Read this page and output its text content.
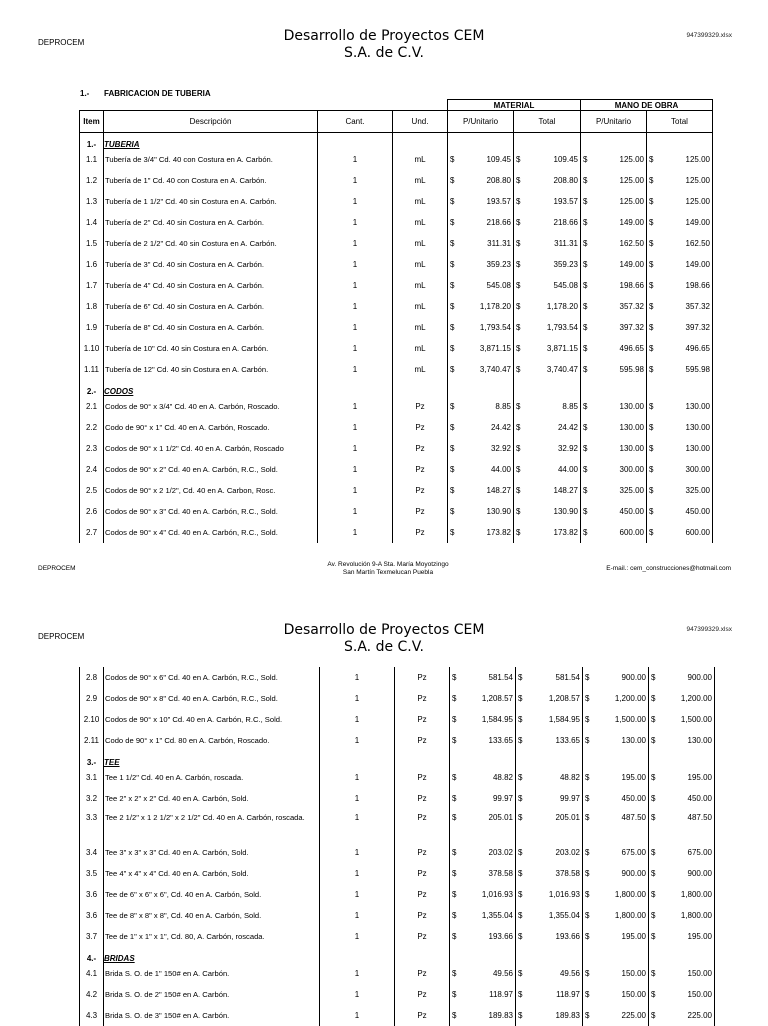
DEPROCEM	Desarrollo de Proyectos CEM
S.A. de C.V.
947399329.xlsx
1.- FABRICACION DE TUBERIA
				MATERIAL		MANO DE OBRA	
Item	Descripción	Cant.	Und.	P/Unitario	Total	P/Unitario	Total
1.-	TUBERIA						
1.1	Tubería de 3/4" Cd. 40 con Costura en A. Carbón.	1	mL	$ 109.45	$ 109.45	$ 125.00	$ 125.00

1.2	Tubería de 1" Cd. 40 con Costura en A. Carbón.	1	mL	$ 208.80	$ 208.80	$ 125.00	$ 125.00

1.3	Tubería de 1 1/2" Cd. 40 sin Costura en A. Carbón.	1	mL	$ 193.57	$ 193.57	$ 125.00	$ 125.00

1.4	Tubería de 2" Cd. 40 sin Costura en A. Carbón.	1	mL	$ 218.66	$ 218.66	$ 149.00	$ 149.00

1.5	Tubería de 2 1/2" Cd. 40 sin Costura en A. Carbón.	1	mL	$ 311.31	$ 311.31	$ 162.50	$ 162.50

1.6	Tubería de 3" Cd. 40 sin Costura en A. Carbón.	1	mL	$ 359.23	$ 359.23	$ 149.00	$ 149.00

1.7	Tubería de 4" Cd. 40 sin Costura en A. Carbón.	1	mL	$ 545.08	$ 545.08	$ 198.66	$ 198.66

1.8	Tubería de 6" Cd. 40 sin Costura en A. Carbón.	1	mL	$ 1,178.20	$ 1,178.20	$ 357.32	$ 357.32

1.9	Tubería de 8" Cd. 40 sin Costura en A. Carbón.	1	mL	$ 1,793.54	$ 1,793.54	$ 397.32	$ 397.32

1.10	Tubería de 10" Cd. 40 sin Costura en A. Carbón.	1	mL	$ 3,871.15	$ 3,871.15	$ 496.65	$ 496.65

1.11	Tubería de 12" Cd. 40 sin Costura en A. Carbón.	1	mL	$ 3,740.47	$ 3,740.47	$ 595.98	$ 595.98

2.-	CODOS						
2.1	Codos de 90° x 3/4" Cd. 40 en A. Carbón, Roscado.	1	Pz	$ 8.85	$ 8.85	$ 130.00	$ 130.00

2.2	Codo de 90° x 1" Cd. 40 en A. Carbón, Roscado.	1	Pz	$ 24.42	$ 24.42	$ 130.00	$ 130.00

2.3	Codos de 90° x 1 1/2" Cd. 40 en A. Carbón, Roscado	1	Pz	$ 32.92	$ 32.92	$ 130.00	$ 130.00

2.4	Codos de 90° x 2" Cd. 40 en A. Carbón, R.C., Sold.	1	Pz	$ 44.00	$ 44.00	$ 300.00	$ 300.00

2.5	Codos de 90° x 2 1/2", Cd. 40 en A. Carbon, Rosc.	1	Pz	$ 148.27	$ 148.27	$ 325.00	$ 325.00

2.6	Codos de 90° x 3" Cd. 40 en A. Carbón, R.C., Sold.	1	Pz	$ 130.90	$ 130.90	$ 450.00	$ 450.00

2.7	Codos de 90° x 4" Cd. 40 en A. Carbón, R.C., Sold.	1	Pz	$ 173.82	$ 173.82	$ 600.00	$ 600.00
DEPROCEM
Av. Revolución 9-A Sta. María Moyotzingo
San Martín Texmelucan Puebla
E-mail.: cem_construcciones@hotmail.com
DEPROCEM	Desarrollo de Proyectos CEM
S.A. de C.V.
947399329.xlsx
2.8	Codos de 90° x 6" Cd. 40 en A. Carbón, R.C., Sold.	1	Pz	$ 581.54	$ 581.54	$ 900.00	$ 900.00

2.9	Codos de 90° x 8" Cd. 40 en A. Carbón, R.C., Sold.	1	Pz	$ 1,208.57	$ 1,208.57	$ 1,200.00	$ 1,200.00

2.10	Codos de 90° x 10" Cd. 40 en A. Carbón, R.C., Sold.	1	Pz	$ 1,584.95	$ 1,584.95	$ 1,500.00	$ 1,500.00

2.11	Codo de 90° x 1" Cd. 80 en A. Carbón, Roscado.	1	Pz	$ 133.65	$ 133.65	$ 130.00	$ 130.00

3.-	TEE						
3.1	Tee 1 1/2" Cd. 40 en A. Carbón, roscada.	1	Pz	$ 48.82	$ 48.82	$ 195.00	$ 195.00

3.2	Tee 2" x 2" x 2" Cd. 40 en A. Carbón, Sold.	1	Pz	$ 99.97	$ 99.97	$ 450.00	$ 450.00

3.3	Tee 2 1/2" x 1 2 1/2" x 2 1/2" Cd. 40 en A. Carbón, roscada.	1	Pz	$ 205.01	$ 205.01	$ 487.50	$ 487.50

3.4	Tee 3" x 3" x 3" Cd. 40 en A. Carbón, Sold.	1	Pz	$ 203.02	$ 203.02	$ 675.00	$ 675.00

3.5	Tee 4" x 4" x 4" Cd. 40 en A. Carbón, Sold.	1	Pz	$ 378.58	$ 378.58	$ 900.00	$ 900.00

3.6	Tee de 6" x 6" x 6", Cd. 40 en A. Carbón, Sold.	1	Pz	$ 1,016.93	$ 1,016.93	$ 1,800.00	$ 1,800.00

3.6	Tee de 8" x 8" x 8", Cd. 40 en A. Carbón, Sold.	1	Pz	$ 1,355.04	$ 1,355.04	$ 1,800.00	$ 1,800.00

3.7	Tee de 1" x 1" x 1", Cd. 80, A. Carbón, roscada.	1	Pz	$ 193.66	$ 193.66	$ 195.00	$ 195.00

4.-	BRIDAS						
4.1	Brida S. O. de 1" 150# en A. Carbón.	1	Pz	$ 49.56	$ 49.56	$ 150.00	$ 150.00

4.2	Brida S. O. de 2" 150# en A. Carbón.	1	Pz	$ 118.97	$ 118.97	$ 150.00	$ 150.00

4.3	Brida S. O. de 3" 150# en A. Carbón.	1	Pz	$ 189.83	$ 189.83	$ 225.00	$ 225.00
